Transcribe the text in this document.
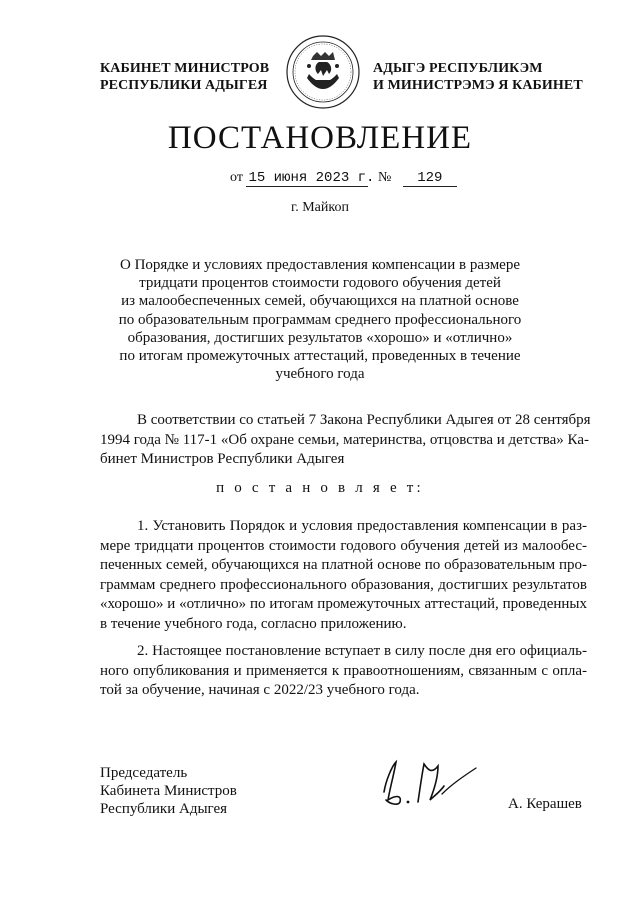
КАБИНЕТ МИНИСТРОВ
РЕСПУБЛИКИ АДЫГЕЯ
АДЫГЭ РЕСПУБЛИКЭМ
И МИНИСТРЭМЭ Я КАБИНЕТ
ПОСТАНОВЛЕНИЕ
от 15 июня 2023 г. № 129
г. Майкоп
О Порядке и условиях предоставления компенсации в размере
тридцати процентов стоимости годового обучения детей
из малообеспеченных семей, обучающихся на платной основе
по образовательным программам среднего профессионального
образования, достигших результатов «хорошо» и «отлично»
по итогам промежуточных аттестаций, проведенных в течение
учебного года
В соответствии со статьей 7 Закона Республики Адыгея от 28 сентября
1994 года № 117-1 «Об охране семьи, материнства, отцовства и детства» Ка-
бинет Министров Республики Адыгея
п о с т а н о в л я е т:
1. Установить Порядок и условия предоставления компенсации в раз-
мере тридцати процентов стоимости годового обучения детей из малообес-
печенных семей, обучающихся на платной основе по образовательным про-
граммам среднего профессионального образования, достигших результатов
«хорошо» и «отлично» по итогам промежуточных аттестаций, проведенных
в течение учебного года, согласно приложению.
2. Настоящее постановление вступает в силу после дня его официаль-
ного опубликования и применяется к правоотношениям, связанным с опла-
той за обучение, начиная с 2022/23 учебного года.
Председатель
Кабинета Министров
Республики Адыгея	А. Керашев
